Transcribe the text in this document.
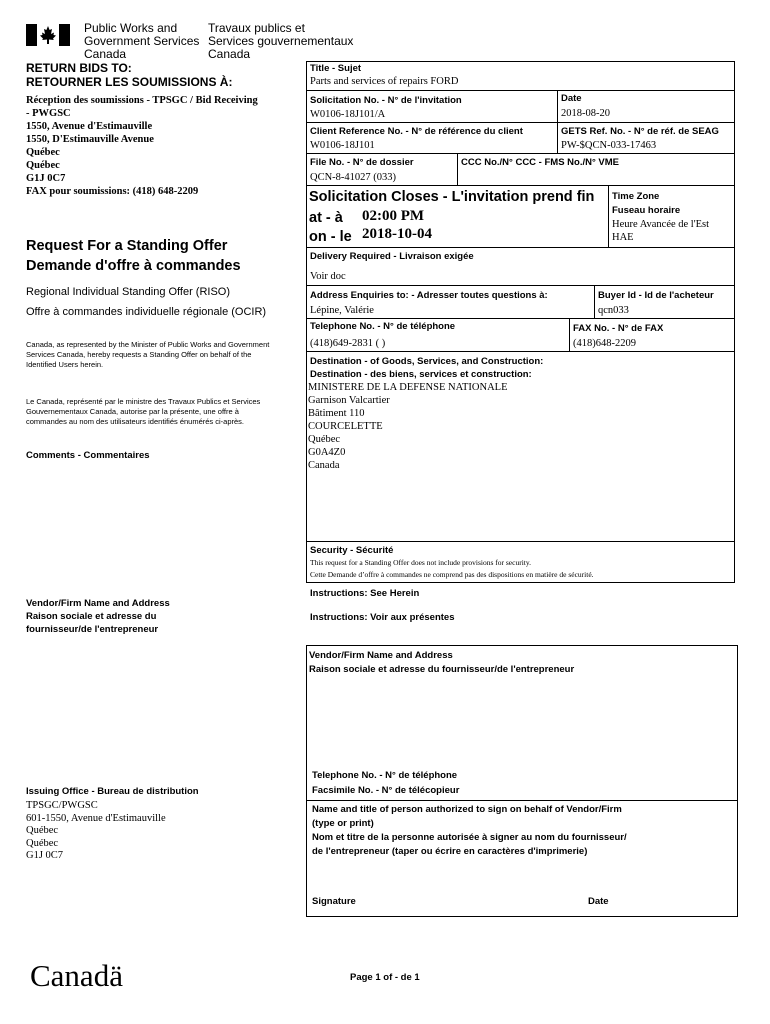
Public Works and
Government Services
Canada
Travaux publics et
Services gouvernementaux
Canada
RETURN BIDS TO:
RETOURNER LES SOUMISSIONS À:
Réception des soumissions - TPSGC / Bid Receiving
- PWGSC
1550, Avenue d'Estimauville
1550, D'Estimauville Avenue
Québec
Québec
G1J 0C7
FAX pour soumissions: (418) 648-2209
Request For a Standing Offer
Demande d'offre à commandes
Regional Individual Standing Offer (RISO)
Offre à commandes individuelle régionale (OCIR)
Canada, as represented by the Minister of Public Works and Government Services Canada, hereby requests a Standing Offer on behalf of the Identified Users herein.
Le Canada, représenté par le ministre des Travaux Publics et Services Gouvernementaux Canada, autorise par la présente, une offre à commandes au nom des utilisateurs identifiés énumérés ci-après.
Comments - Commentaires
Vendor/Firm Name and Address
Raison sociale et adresse du
fournisseur/de l'entrepreneur
Issuing Office - Bureau de distribution
TPSGC/PWGSC
601-1550, Avenue d'Estimauville
Québec
Québec
G1J 0C7
Title - Sujet
Parts and services of repairs FORD
Solicitation No. - N° de l'invitation
W0106-18J101/A
Date
2018-08-20
Client Reference No. - N° de référence du client
W0106-18J101
GETS Ref. No. - N° de réf. de SEAG
PW-$QCN-033-17463
File No. - N° de dossier
QCN-8-41027 (033)
CCC No./N° CCC - FMS No./N° VME
Solicitation Closes - L'invitation prend fin
at - à 02:00 PM
on - le 2018-10-04
Time Zone
Fuseau horaire
Heure Avancée de l'Est
HAE
Delivery Required - Livraison exigée
Voir doc
Address Enquiries to: - Adresser toutes questions à:
Lépine, Valérie
Buyer Id - Id de l'acheteur
qcn033
Telephone No. - N° de téléphone
(418)649-2831 ( )
FAX No. - N° de FAX
(418)648-2209
Destination - of Goods, Services, and Construction:
Destination - des biens, services et construction:
MINISTERE DE LA DEFENSE NATIONALE
Garnison Valcartier
Bâtiment 110
COURCELETTE
Québec
G0A4Z0
Canada
Security - Sécurité
This request for a Standing Offer does not include provisions for security.
Cette Demande d’offre à commandes ne comprend pas des dispositions en matière de sécurité.
Instructions: See Herein
Instructions: Voir aux présentes
Vendor/Firm Name and Address
Raison sociale et adresse du fournisseur/de l'entrepreneur
Telephone No. - N° de téléphone
Facsimile No. - N° de télécopieur
Name and title of person authorized to sign on behalf of Vendor/Firm
(type or print)
Nom et titre de la personne autorisée à signer au nom du fournisseur/
de l'entrepreneur (taper ou écrire en caractères d'imprimerie)
Signature	Date
Canadä	Page 1 of - de 1
